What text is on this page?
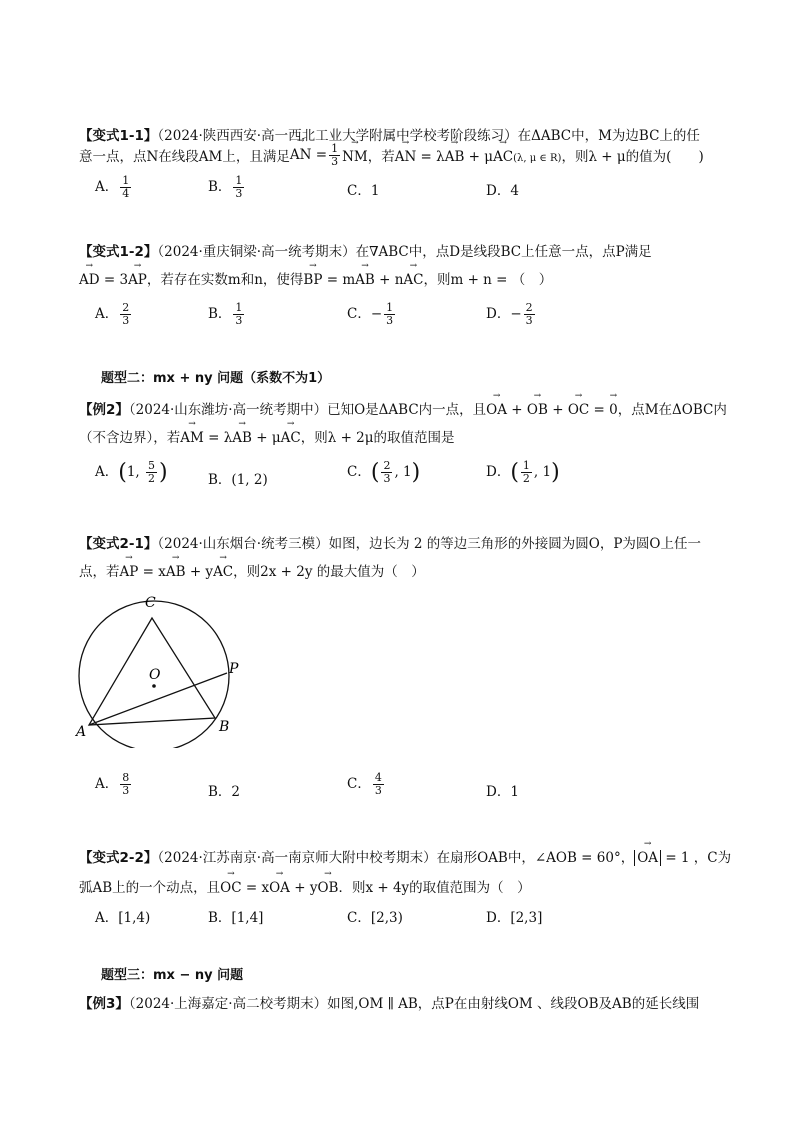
【变式1-1】（2024·陕西西安·高一西北工业大学附属中学校考阶段练习）在ΔABC中，M为边BC上的任
意一点，点N在线段AM上，且满足 → AN = $\frac{1}{3}$ → NM，若→ AN = λ→ AB + μ→ AC(λ, μ ∈ R)，则λ + μ的值为(　　)
A． $\frac{1}{4}$	B． $\frac{1}{3}$	C．1	D．4
【变式1-2】（2024·重庆铜梁·高一统考期末）在∇ABC中，点D是线段BC上任意一点，点P满足
→ AD = 3→ AP，若存在实数m和n，使得→ BP = m→ AB + n→ AC，则m + n = （　）
A． $\frac{2}{3}$	B． $\frac{1}{3}$	C．− $\frac{1}{3}$	D．− $\frac{2}{3}$
题型二：mx + ny 问题（系数不为1）
【例2】（2024·山东潍坊·高一统考期中）已知O是ΔABC内一点，且→ OA + → OB + → OC = → 0，点M在ΔOBC内
（不含边界），若→ AM = λ→ AB + μ→ AC，则λ + 2μ的取值范围是
A．(1, $\frac{5}{2}$ )	B．(1, 2)	C．( $\frac{2}{3}$ , 1)	D．( $\frac{1}{2}$ , 1)
【变式2-1】（2024·山东烟台·统考三模）如图，边长为 2 的等边三角形的外接圆为圆O，P为圆O上任一
点，若→ AP = x→ AB + y→ AC，则2x + 2y 的最大值为（　）
C
O	P
A	B
A． $\frac{8}{3}$	B．2	C． $\frac{4}{3}$	D．1
【变式2-2】（2024·江苏南京·高一南京师大附中校考期末）在扇形OAB中，∠AOB = 60°， → OA = 1 ，C为
弧AB上的一个动点，且→ OC = x→ OA + y→ OB．则x + 4y的取值范围为（　）
A．[1,4)	B．[1,4]	C．[2,3)	D．[2,3]
题型三：mx − ny 问题
【例3】（2024·上海嘉定·高二校考期末）如图,OM ∥ AB，点P在由射线OM 、线段OB及AB的延长线围
